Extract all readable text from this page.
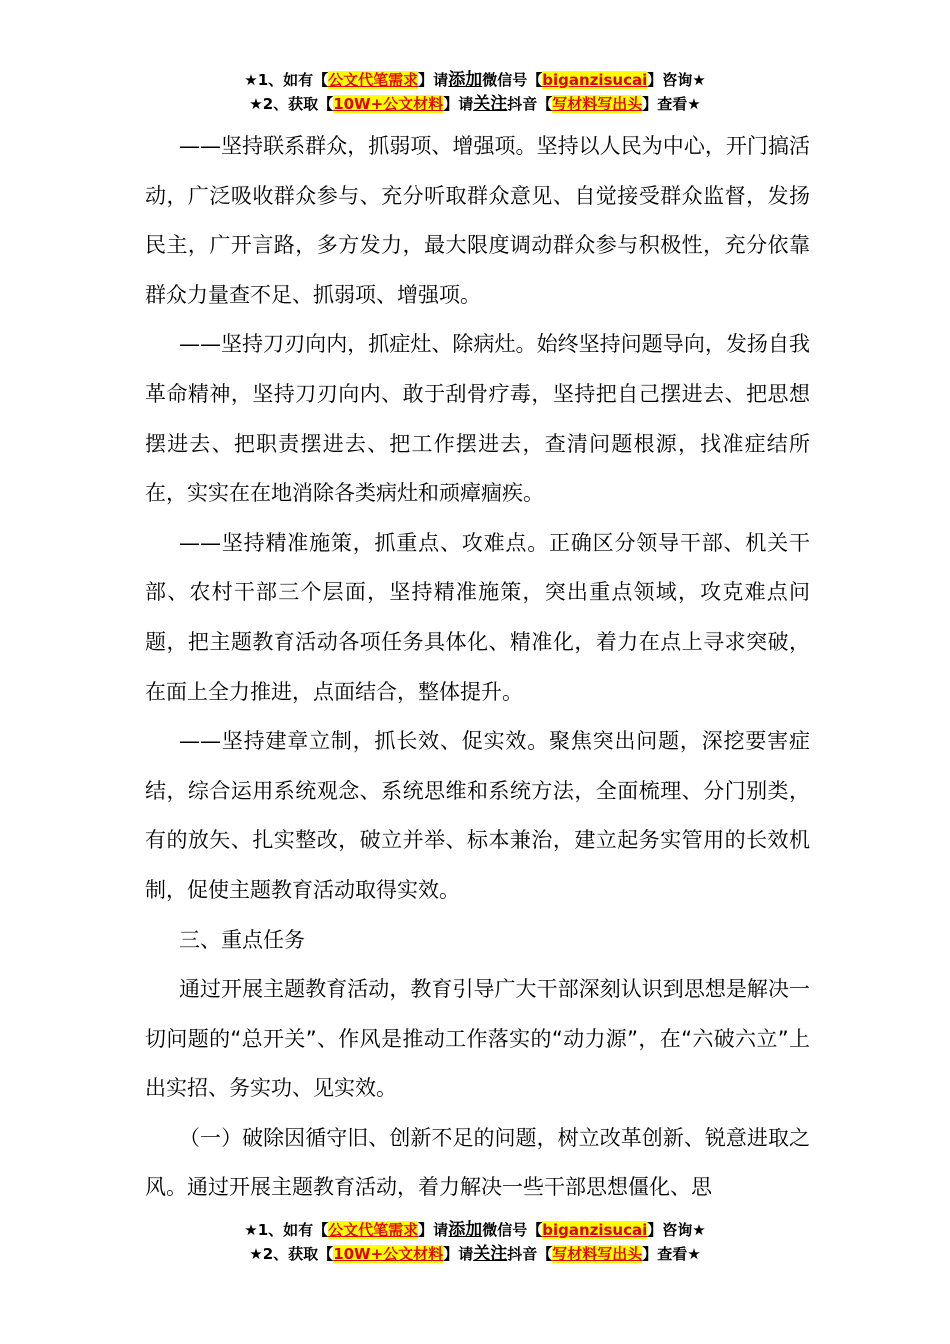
★1、如有【公文代笔需求】请添加微信号【biganzisucai】咨询★
★2、获取【10W+公文材料】请关注抖音【写材料写出头】查看★

——坚持联系群众，抓弱项、增强项。坚持以人民为中心，开门搞活动，广泛吸收群众参与、充分听取群众意见、自觉接受群众监督，发扬民主，广开言路，多方发力，最大限度调动群众参与积极性，充分依靠群众力量查不足、抓弱项、增强项。

——坚持刀刃向内，抓症灶、除病灶。始终坚持问题导向，发扬自我革命精神，坚持刀刃向内、敢于刮骨疗毒，坚持把自己摆进去、把思想摆进去、把职责摆进去、把工作摆进去，查清问题根源，找准症结所在，实实在在地消除各类病灶和顽瘴痼疾。

——坚持精准施策，抓重点、攻难点。正确区分领导干部、机关干部、农村干部三个层面，坚持精准施策，突出重点领域，攻克难点问题，把主题教育活动各项任务具体化、精准化，着力在点上寻求突破，在面上全力推进，点面结合，整体提升。

——坚持建章立制，抓长效、促实效。聚焦突出问题，深挖要害症结，综合运用系统观念、系统思维和系统方法，全面梳理、分门别类，有的放矢、扎实整改，破立并举、标本兼治，建立起务实管用的长效机制，促使主题教育活动取得实效。

三、重点任务

通过开展主题教育活动，教育引导广大干部深刻认识到思想是解决一切问题的“总开关”、作风是推动工作落实的“动力源”，在“六破六立”上出实招、务实功、见实效。

（一）破除因循守旧、创新不足的问题，树立改革创新、锐意进取之风。通过开展主题教育活动，着力解决一些干部思想僵化、思

★1、如有【公文代笔需求】请添加微信号【biganzisucai】咨询★
★2、获取【10W+公文材料】请关注抖音【写材料写出头】查看★
